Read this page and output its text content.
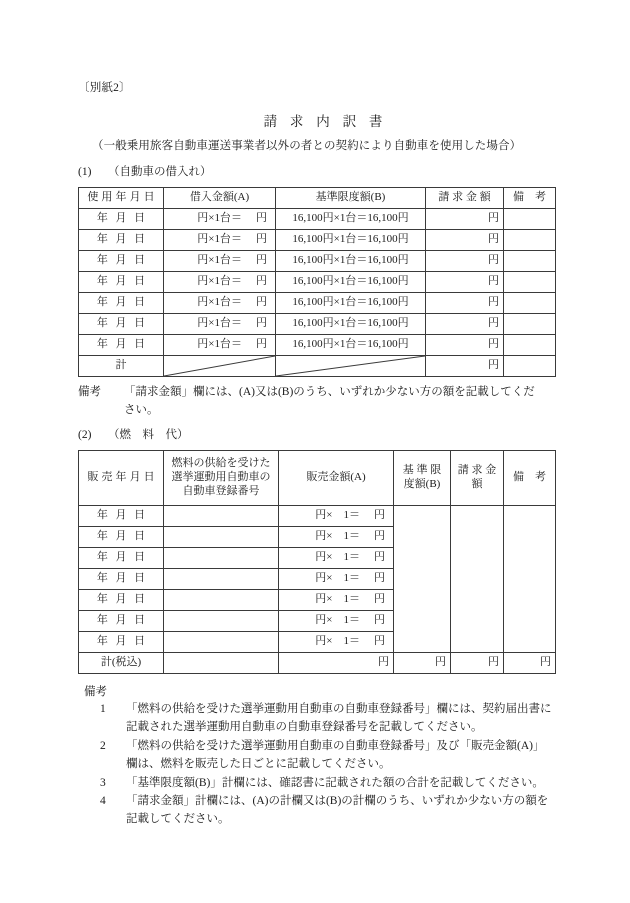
〔別紙2〕
請 求 内 訳 書
（一般乗用旅客自動車運送事業者以外の者との契約により自動車を使用した場合）
(1) （自動車の借入れ）
使用年月日	借入金額(A)	基準限度額(B)	請 求 金 額	備　考

年 月 日	円×1台＝ 円	16,100円×1台＝16,100円	円	

年 月 日	円×1台＝ 円	16,100円×1台＝16,100円	円	

年 月 日	円×1台＝ 円	16,100円×1台＝16,100円	円	

年 月 日	円×1台＝ 円	16,100円×1台＝16,100円	円	

年 月 日	円×1台＝ 円	16,100円×1台＝16,100円	円	

年 月 日	円×1台＝ 円	16,100円×1台＝16,100円	円	

年 月 日	円×1台＝ 円	16,100円×1台＝16,100円	円	
計			円	
備考 「請求金額」欄には、(A)又は(B)のうち、いずれか少ない方の額を記載してくだ
さい。
(2) （燃　料　代）
販売年月日	燃料の供給を受けた
選挙運動用自動車の
自動車登録番号	販売金額(A)	基 準 限
度額(B)	請 求 金
額	備　考

年 月 日		円×　1＝ 円			

年 月 日		円×　1＝ 円			

年 月 日		円×　1＝ 円			

年 月 日		円×　1＝ 円			

年 月 日		円×　1＝ 円			

年 月 日		円×　1＝ 円			

年 月 日		円×　1＝ 円			

計(税込)		円	円	円	円
備考
1 「燃料の供給を受けた選挙運動用自動車の自動車登録番号」欄には、契約届出書に
記載された選挙運動用自動車の自動車登録番号を記載してください。
2 「燃料の供給を受けた選挙運動用自動車の自動車登録番号」及び「販売金額(A)」
欄は、燃料を販売した日ごとに記載してください。
3 「基準限度額(B)」計欄には、確認書に記載された額の合計を記載してください。
4 「請求金額」計欄には、(A)の計欄又は(B)の計欄のうち、いずれか少ない方の額を
記載してください。
